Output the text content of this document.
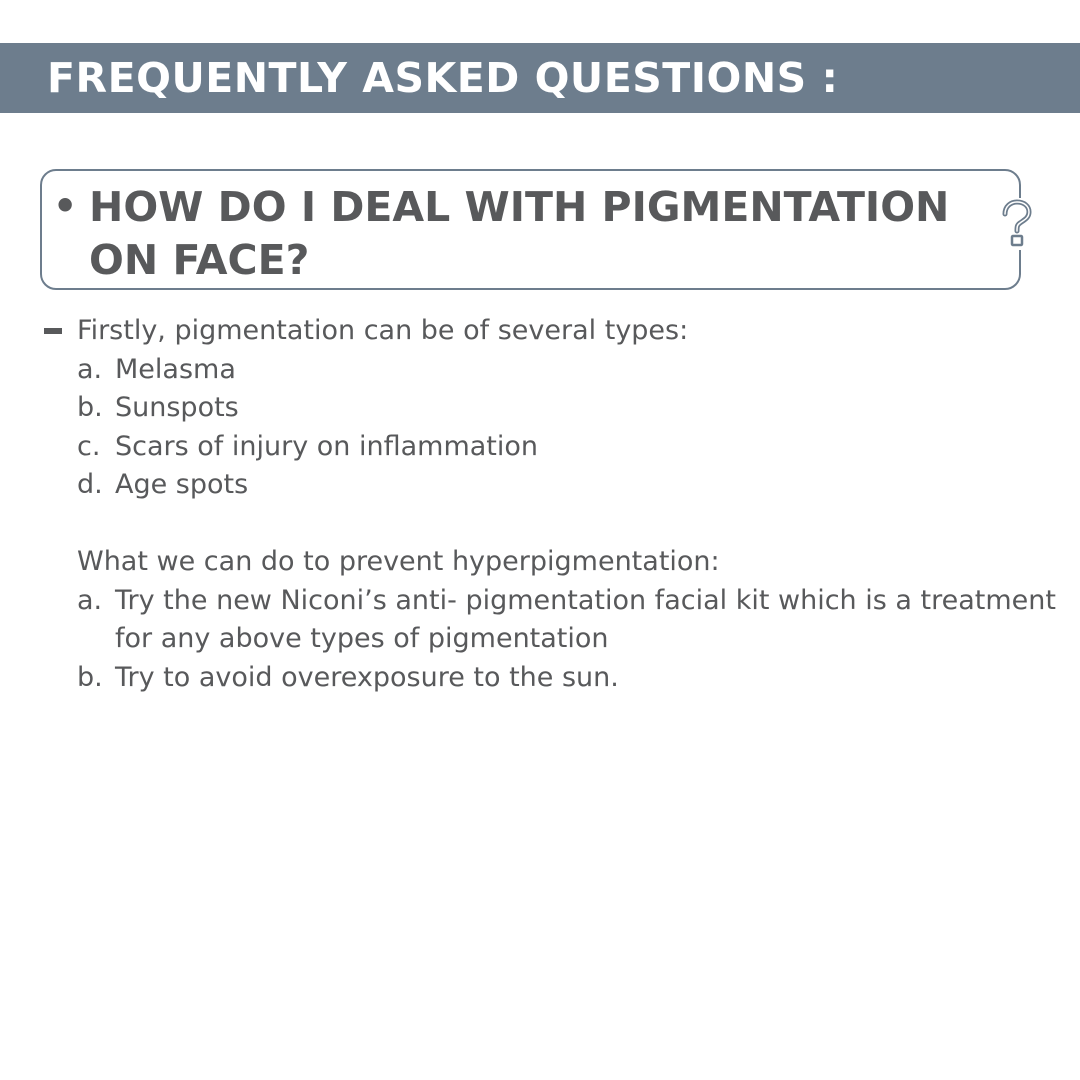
FREQUENTLY ASKED QUESTIONS :
• HOW DO I DEAL WITH PIGMENTATION ON FACE?
Firstly, pigmentation can be of several types:
a. Melasma
b. Sunspots
c. Scars of injury on inflammation
d. Age spots
What we can do to prevent hyperpigmentation:
a. Try the new Niconi’s anti- pigmentation facial kit which is a treatment for any above types of pigmentation
b. Try to avoid overexposure to the sun.
